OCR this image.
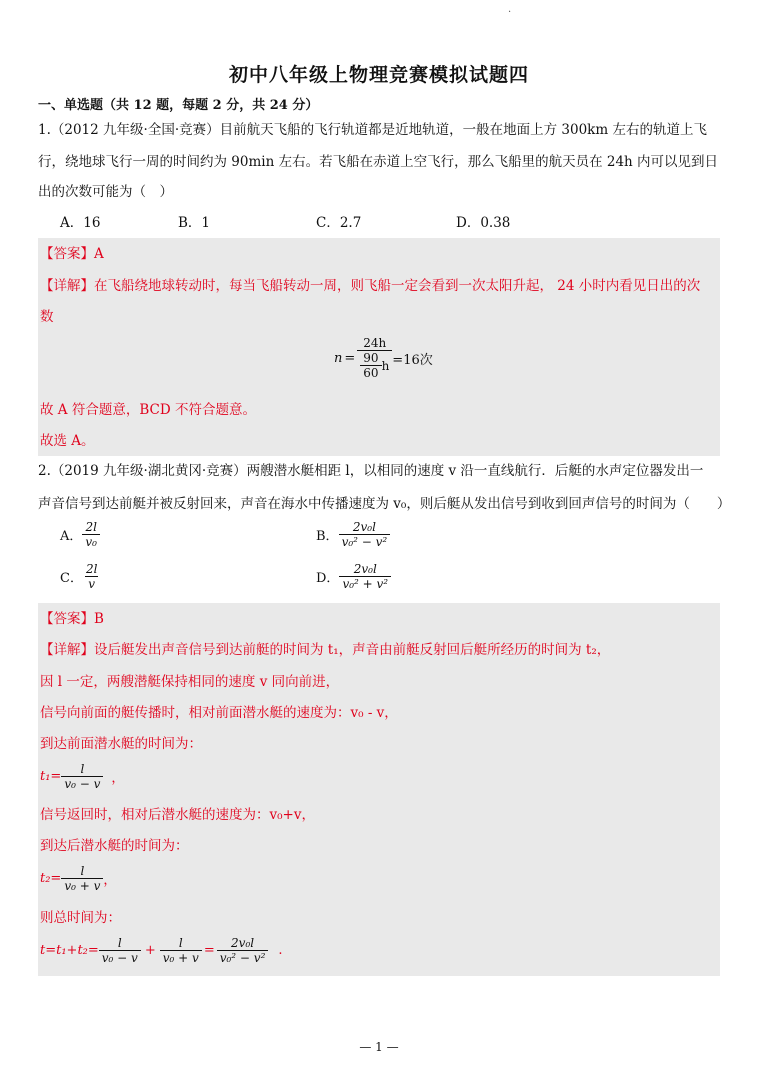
.
初中八年级上物理竞赛模拟试题四
一、单选题（共 12 题，每题 2 分，共 24 分）
1.（2012 九年级·全国·竞赛）目前航天飞船的飞行轨道都是近地轨道，一般在地面上方 300km 左右的轨道上飞
行，绕地球飞行一周的时间约为 90min 左右。若飞船在赤道上空飞行，那么飞船里的航天员在 24h 内可以见到日
出的次数可能为（　）
A．16	B．1	C．2.7	D．0.38
【答案】A
【详解】在飞船绕地球转动时，每当飞船转动一周，则飞船一定会看到一次太阳升起， 24 小时内看见日出的次
数
$n = \frac{24h}{\frac{90}{60} h} =16$次
故 A 符合题意，BCD 不符合题意。
故选 A。
2.（2019 九年级·湖北黄冈·竞赛）两艘潜水艇相距 l，以相同的速度 v 沿一直线航行．后艇的水声定位器发出一
声音信号到达前艇并被反射回来，声音在海水中传播速度为 v₀，则后艇从发出信号到收到回声信号的时间为（　　）
A． $\frac{2l}{\text{v₀}}$	B． $\frac{\text{2v₀l}}{\text{v₀² − v²}}$
C． $\frac{2l}{v}$	D． $\frac{\text{2v₀l}}{\text{v₀² + v²}}$
【答案】B
【详解】设后艇发出声音信号到达前艇的时间为 t₁，声音由前艇反射回后艇所经历的时间为 t₂，
因 l 一定，两艘潜艇保持相同的速度 v 同向前进，
信号向前面的艇传播时，相对前面潜水艇的速度为：v₀ - v，
到达前面潜水艇的时间为：
$t_1= \frac{l}{\text{v₀ − v}}$ ，
信号返回时，相对后潜水艇的速度为：v₀+v，
到达后潜水艇的时间为：
$t_2= \frac{l}{\text{v₀ + v}}$ ，
则总时间为：
$t=t_1+t_2= \frac{l}{\text{v₀ − v}} + \frac{l}{\text{v₀ + v}} = \frac{\text{2v₀l}}{\text{v₀² − v²}}$ .
— 1 —
